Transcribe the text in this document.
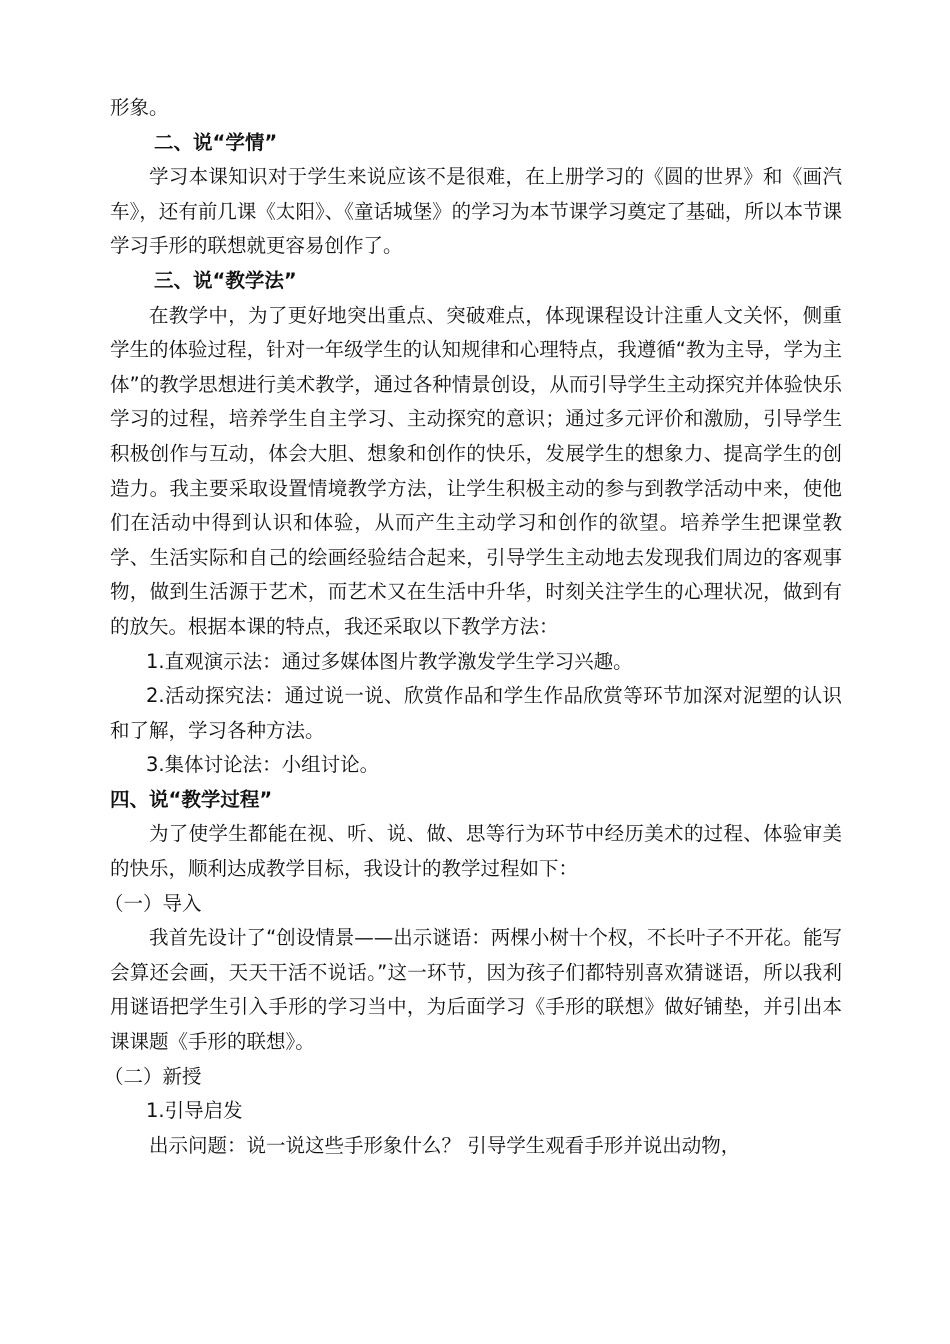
形象。

二、说“学情”

学习本课知识对于学生来说应该不是很难，在上册学习的《圆的世界》和《画汽车》，还有前几课《太阳》、《童话城堡》的学习为本节课学习奠定了基础，所以本节课学习手形的联想就更容易创作了。

三、说“教学法”

在教学中，为了更好地突出重点、突破难点，体现课程设计注重人文关怀，侧重学生的体验过程，针对一年级学生的认知规律和心理特点，我遵循“教为主导，学为主体”的教学思想进行美术教学，通过各种情景创设，从而引导学生主动探究并体验快乐学习的过程，培养学生自主学习、主动探究的意识；通过多元评价和激励，引导学生积极创作与互动，体会大胆、想象和创作的快乐，发展学生的想象力、提高学生的创造力。我主要采取设置情境教学方法，让学生积极主动的参与到教学活动中来，使他们在活动中得到认识和体验，从而产生主动学习和创作的欲望。培养学生把课堂教学、生活实际和自己的绘画经验结合起来，引导学生主动地去发现我们周边的客观事物，做到生活源于艺术，而艺术又在生活中升华，时刻关注学生的心理状况，做到有的放矢。根据本课的特点，我还采取以下教学方法：

1.直观演示法：通过多媒体图片教学激发学生学习兴趣。

2.活动探究法：通过说一说、欣赏作品和学生作品欣赏等环节加深对泥塑的认识和了解，学习各种方法。

3.集体讨论法：小组讨论。

四、说“教学过程”

为了使学生都能在视、听、说、做、思等行为环节中经历美术的过程、体验审美的快乐，顺利达成教学目标，我设计的教学过程如下：

（一）导入

我首先设计了“创设情景——出示谜语：两棵小树十个杈，不长叶子不开花。能写会算还会画，天天干活不说话。”这一环节，因为孩子们都特别喜欢猜谜语，所以我利用谜语把学生引入手形的学习当中，为后面学习《手形的联想》做好铺垫，并引出本课课题《手形的联想》。

（二）新授

1.引导启发

出示问题：说一说这些手形象什么？ 引导学生观看手形并说出动物，
